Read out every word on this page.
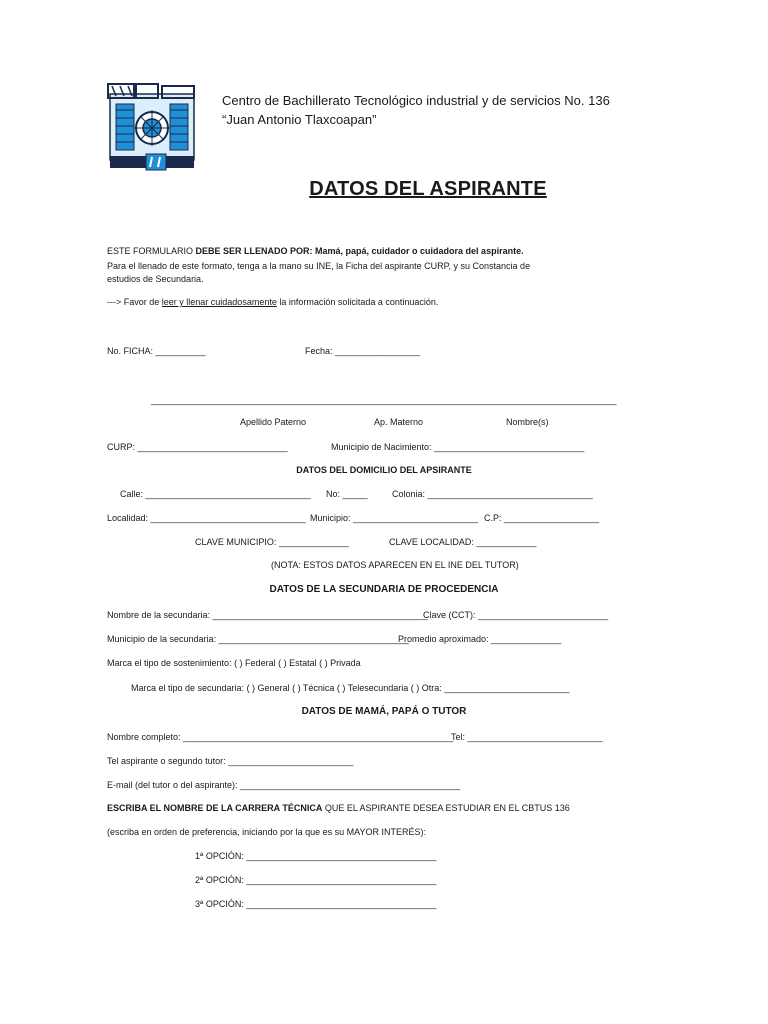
Centro de Bachillerato Tecnológico industrial y de servicios No. 136
“Juan Antonio Tlaxcoapan”
DATOS DEL ASPIRANTE
ESTE FORMULARIO DEBE SER LLENADO POR: Mamá, papá, cuidador o cuidadora del aspirante.
Para el llenado de este formato, tenga a la mano su INE, la Ficha del aspirante CURP, y su Constancia de
estudios de Secundaria.
---> Favor de leer y llenar cuidadosamente la información solicitada a continuación.
No. FICHA: __________	Fecha: _________________
_____________________________________________________________________________________________
Apellido Paterno	Ap. Materno	Nombre(s)
CURP: ______________________________	Municipio de Nacimiento: ______________________________
DATOS DEL DOMICILIO DEL APSIRANTE
Calle: _________________________________ No: _____	Colonia: _________________________________
Localidad: _______________________________ Municipio: _________________________ C.P: ___________________
CLAVE MUNICIPIO: ______________	CLAVE LOCALIDAD: ____________
(NOTA: ESTOS DATOS APARECEN EN EL INE DEL TUTOR)
DATOS DE LA SECUNDARIA DE PROCEDENCIA
Nombre de la secundaria: ___________________________________________
Clave (CCT): __________________________
Municipio de la secundaria: ______________________________________
Promedio aproximado: ______________
Marca el tipo de sostenimiento: ( ) Federal ( ) Estatal ( ) Privada
Marca el tipo de secundaria: ( ) General ( ) Técnica ( ) Telesecundaria ( ) Otra: _________________________
DATOS DE MAMÁ, PAPÁ O TUTOR
Nombre completo: ______________________________________________________
Tel: ___________________________
Tel aspirante o segundo tutor: _________________________
E-mail (del tutor o del aspirante): ____________________________________________
ESCRIBA EL NOMBRE DE LA CARRERA TÉCNICA QUE EL ASPIRANTE DESEA ESTUDIAR EN EL CBTUS 136
(escriba en orden de preferencia, iniciando por la que es su MAYOR INTERÉS):
1ª OPCIÓN: ______________________________________
2ª OPCIÓN: ______________________________________
3ª OPCIÓN: ______________________________________
